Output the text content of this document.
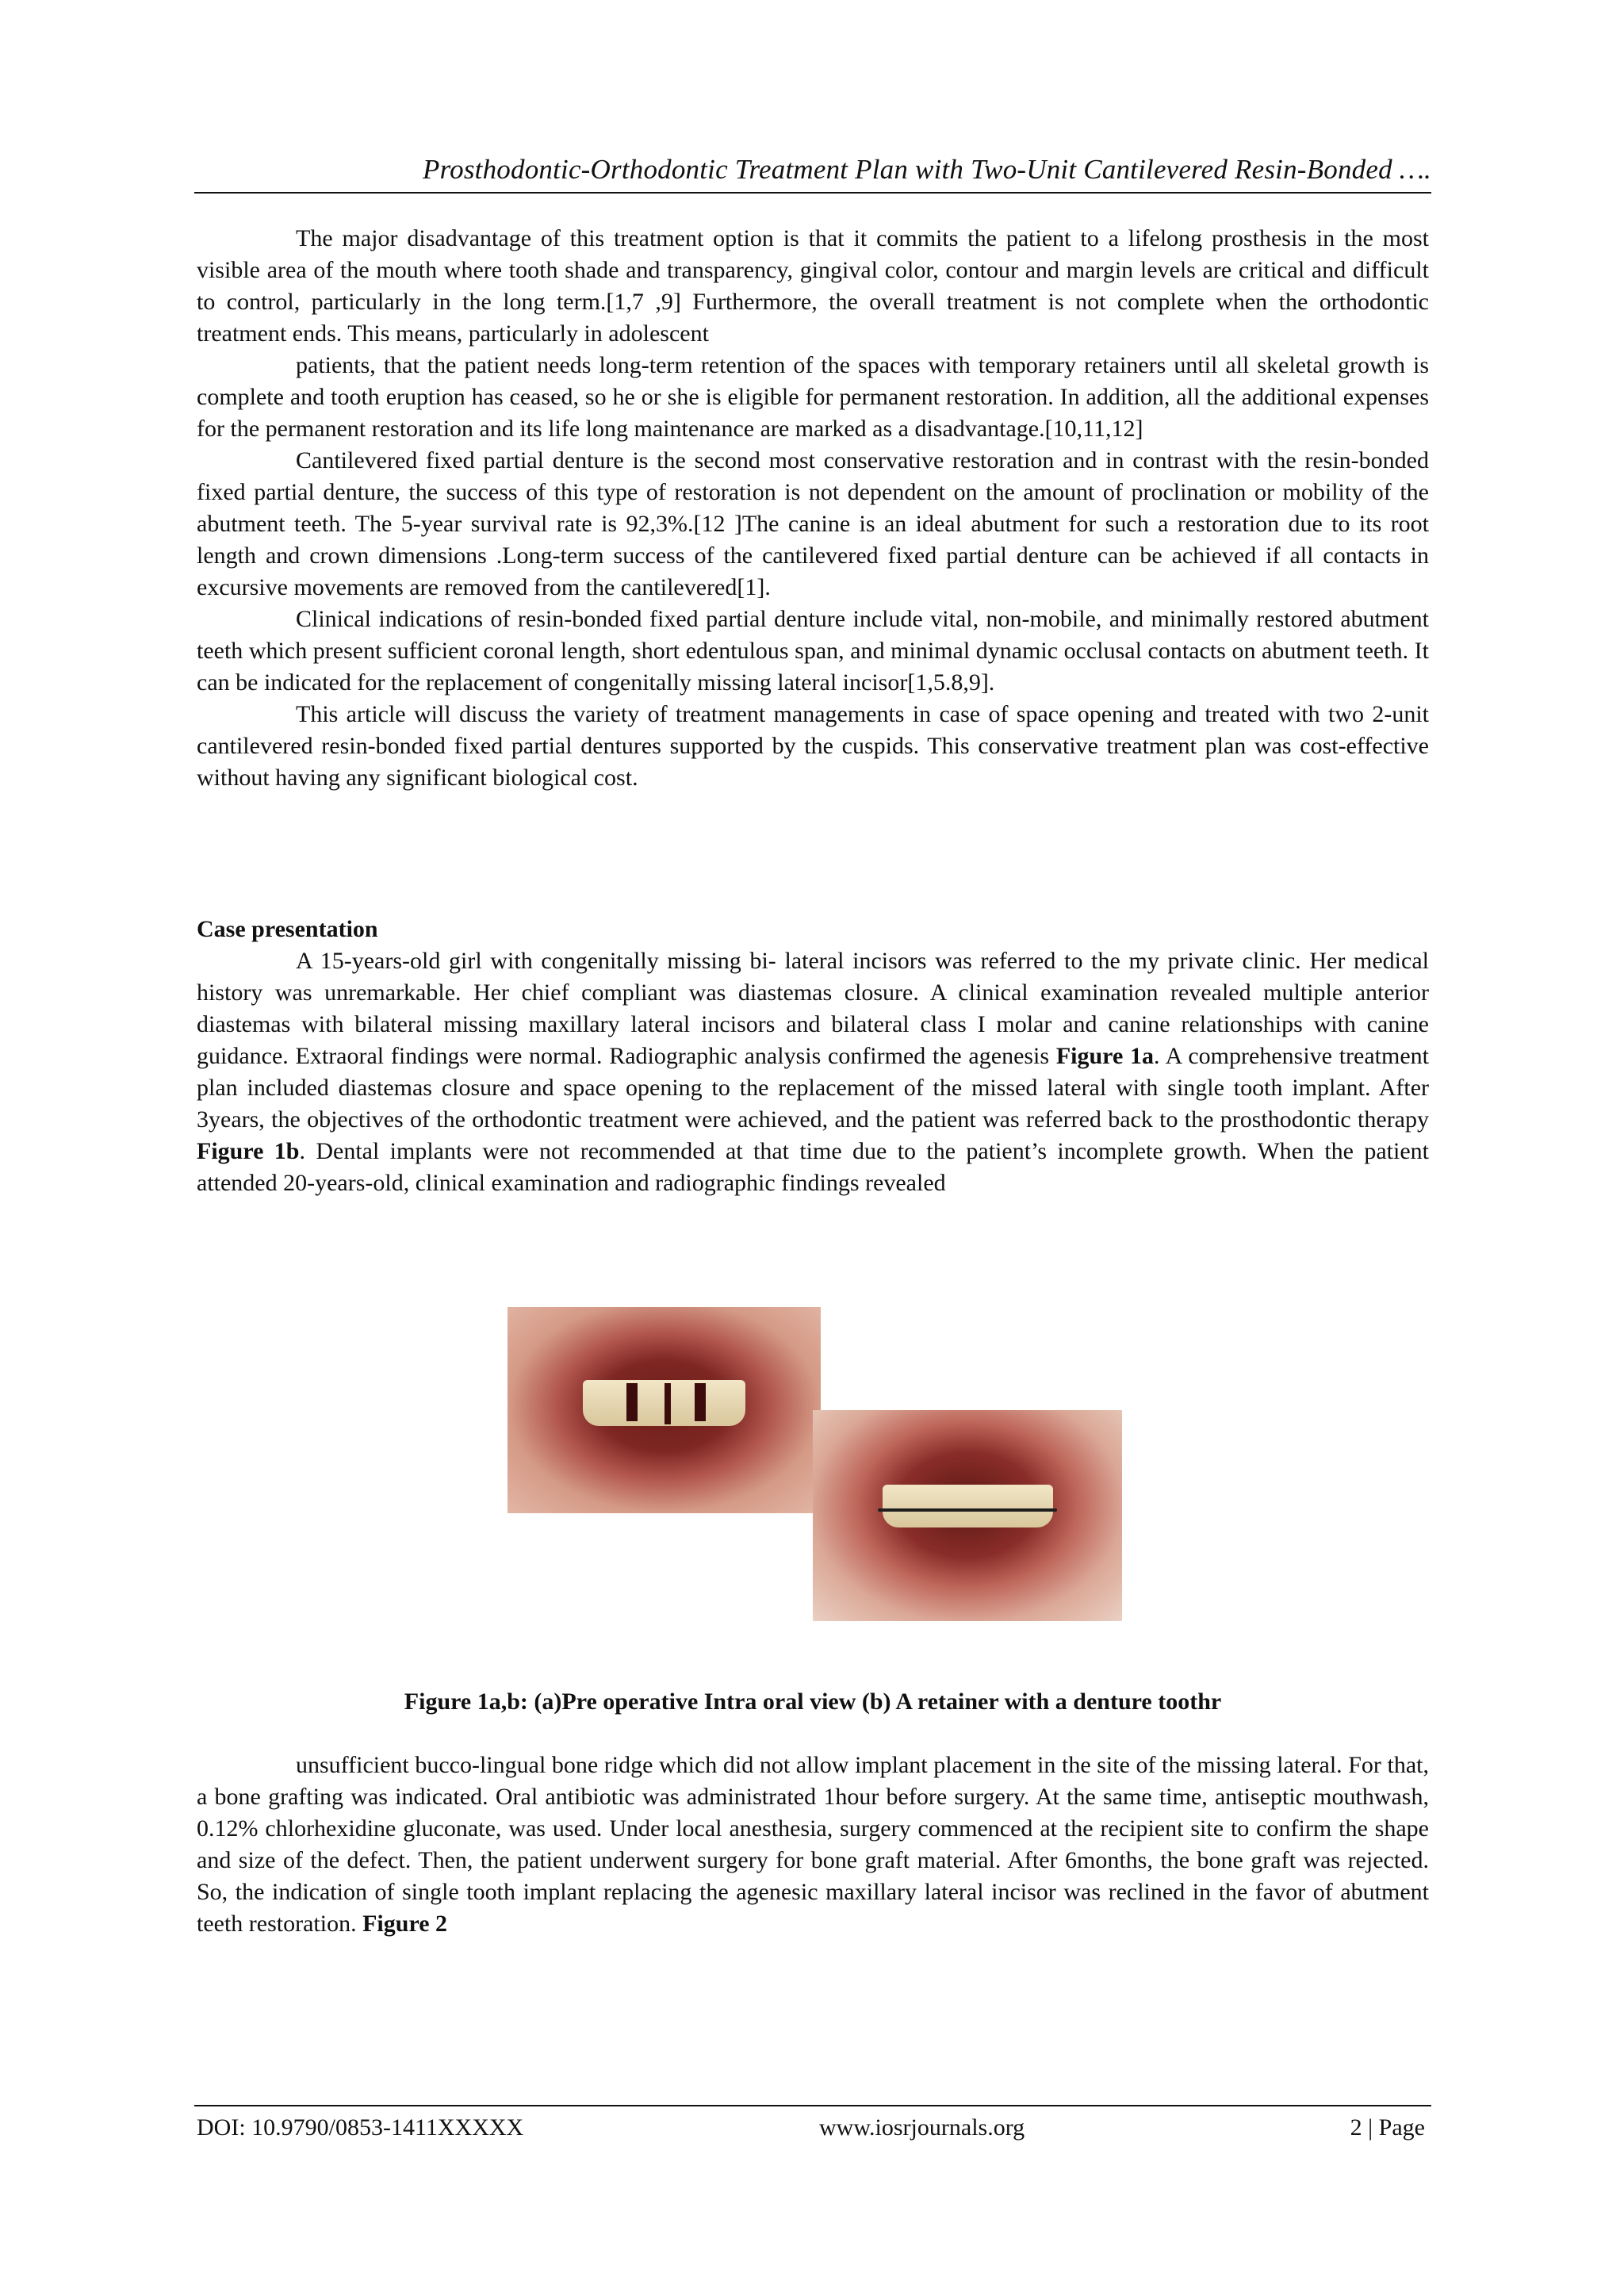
Prosthodontic-Orthodontic Treatment Plan with Two-Unit Cantilevered Resin-Bonded ….

The major disadvantage of this treatment option is that it commits the patient to a lifelong prosthesis in the most visible area of the mouth where tooth shade and transparency, gingival color, contour and margin levels are critical and difficult to control, particularly in the long term.[1,7 ,9] Furthermore, the overall treatment is not complete when the orthodontic treatment ends. This means, particularly in adolescent

patients, that the patient needs long-term retention of the spaces with temporary retainers until all skeletal growth is complete and tooth eruption has ceased, so he or she is eligible for permanent restoration. In addition, all the additional expenses for the permanent restoration and its life long maintenance are marked as a disadvantage.[10,11,12]

Cantilevered fixed partial denture is the second most conservative restoration and in contrast with the resin-bonded fixed partial denture, the success of this type of restoration is not dependent on the amount of proclination or mobility of the abutment teeth. The 5-year survival rate is 92,3%.[12 ]The canine is an ideal abutment for such a restoration due to its root length and crown dimensions .Long-term success of the cantilevered fixed partial denture can be achieved if all contacts in excursive movements are removed from the cantilevered[1].

Clinical indications of resin-bonded fixed partial denture include vital, non-mobile, and minimally restored abutment teeth which present sufficient coronal length, short edentulous span, and minimal dynamic occlusal contacts on abutment teeth. It can be indicated for the replacement of congenitally missing lateral incisor[1,5.8,9].

This article will discuss the variety of treatment managements in case of space opening and treated with two 2-unit cantilevered resin-bonded fixed partial dentures supported by the cuspids. This conservative treatment plan was cost-effective without having any significant biological cost.

Case presentation

A 15-years-old girl with congenitally missing bi- lateral incisors was referred to the my private clinic. Her medical history was unremarkable. Her chief compliant was diastemas closure. A clinical examination revealed multiple anterior diastemas with bilateral missing maxillary lateral incisors and bilateral class I molar and canine relationships with canine guidance. Extraoral findings were normal. Radiographic analysis confirmed the agenesis Figure 1a. A comprehensive treatment plan included diastemas closure and space opening to the replacement of the missed lateral with single tooth implant. After 3years, the objectives of the orthodontic treatment were achieved, and the patient was referred back to the prosthodontic therapy Figure 1b. Dental implants were not recommended at that time due to the patient’s incomplete growth. When the patient attended 20-years-old, clinical examination and radiographic findings revealed

Figure 1a,b: (a)Pre operative Intra oral view (b) A retainer with a denture toothr

unsufficient bucco-lingual bone ridge which did not allow implant placement in the site of the missing lateral. For that, a bone grafting was indicated. Oral antibiotic was administrated 1hour before surgery. At the same time, antiseptic mouthwash, 0.12% chlorhexidine gluconate, was used. Under local anesthesia, surgery commenced at the recipient site to confirm the shape and size of the defect. Then, the patient underwent surgery for bone graft material. After 6months, the bone graft was rejected. So, the indication of single tooth implant replacing the agenesic maxillary lateral incisor was reclined in the favor of abutment teeth restoration. Figure 2

DOI: 10.9790/0853-1411XXXXX	www.iosrjournals.org	2 | Page
